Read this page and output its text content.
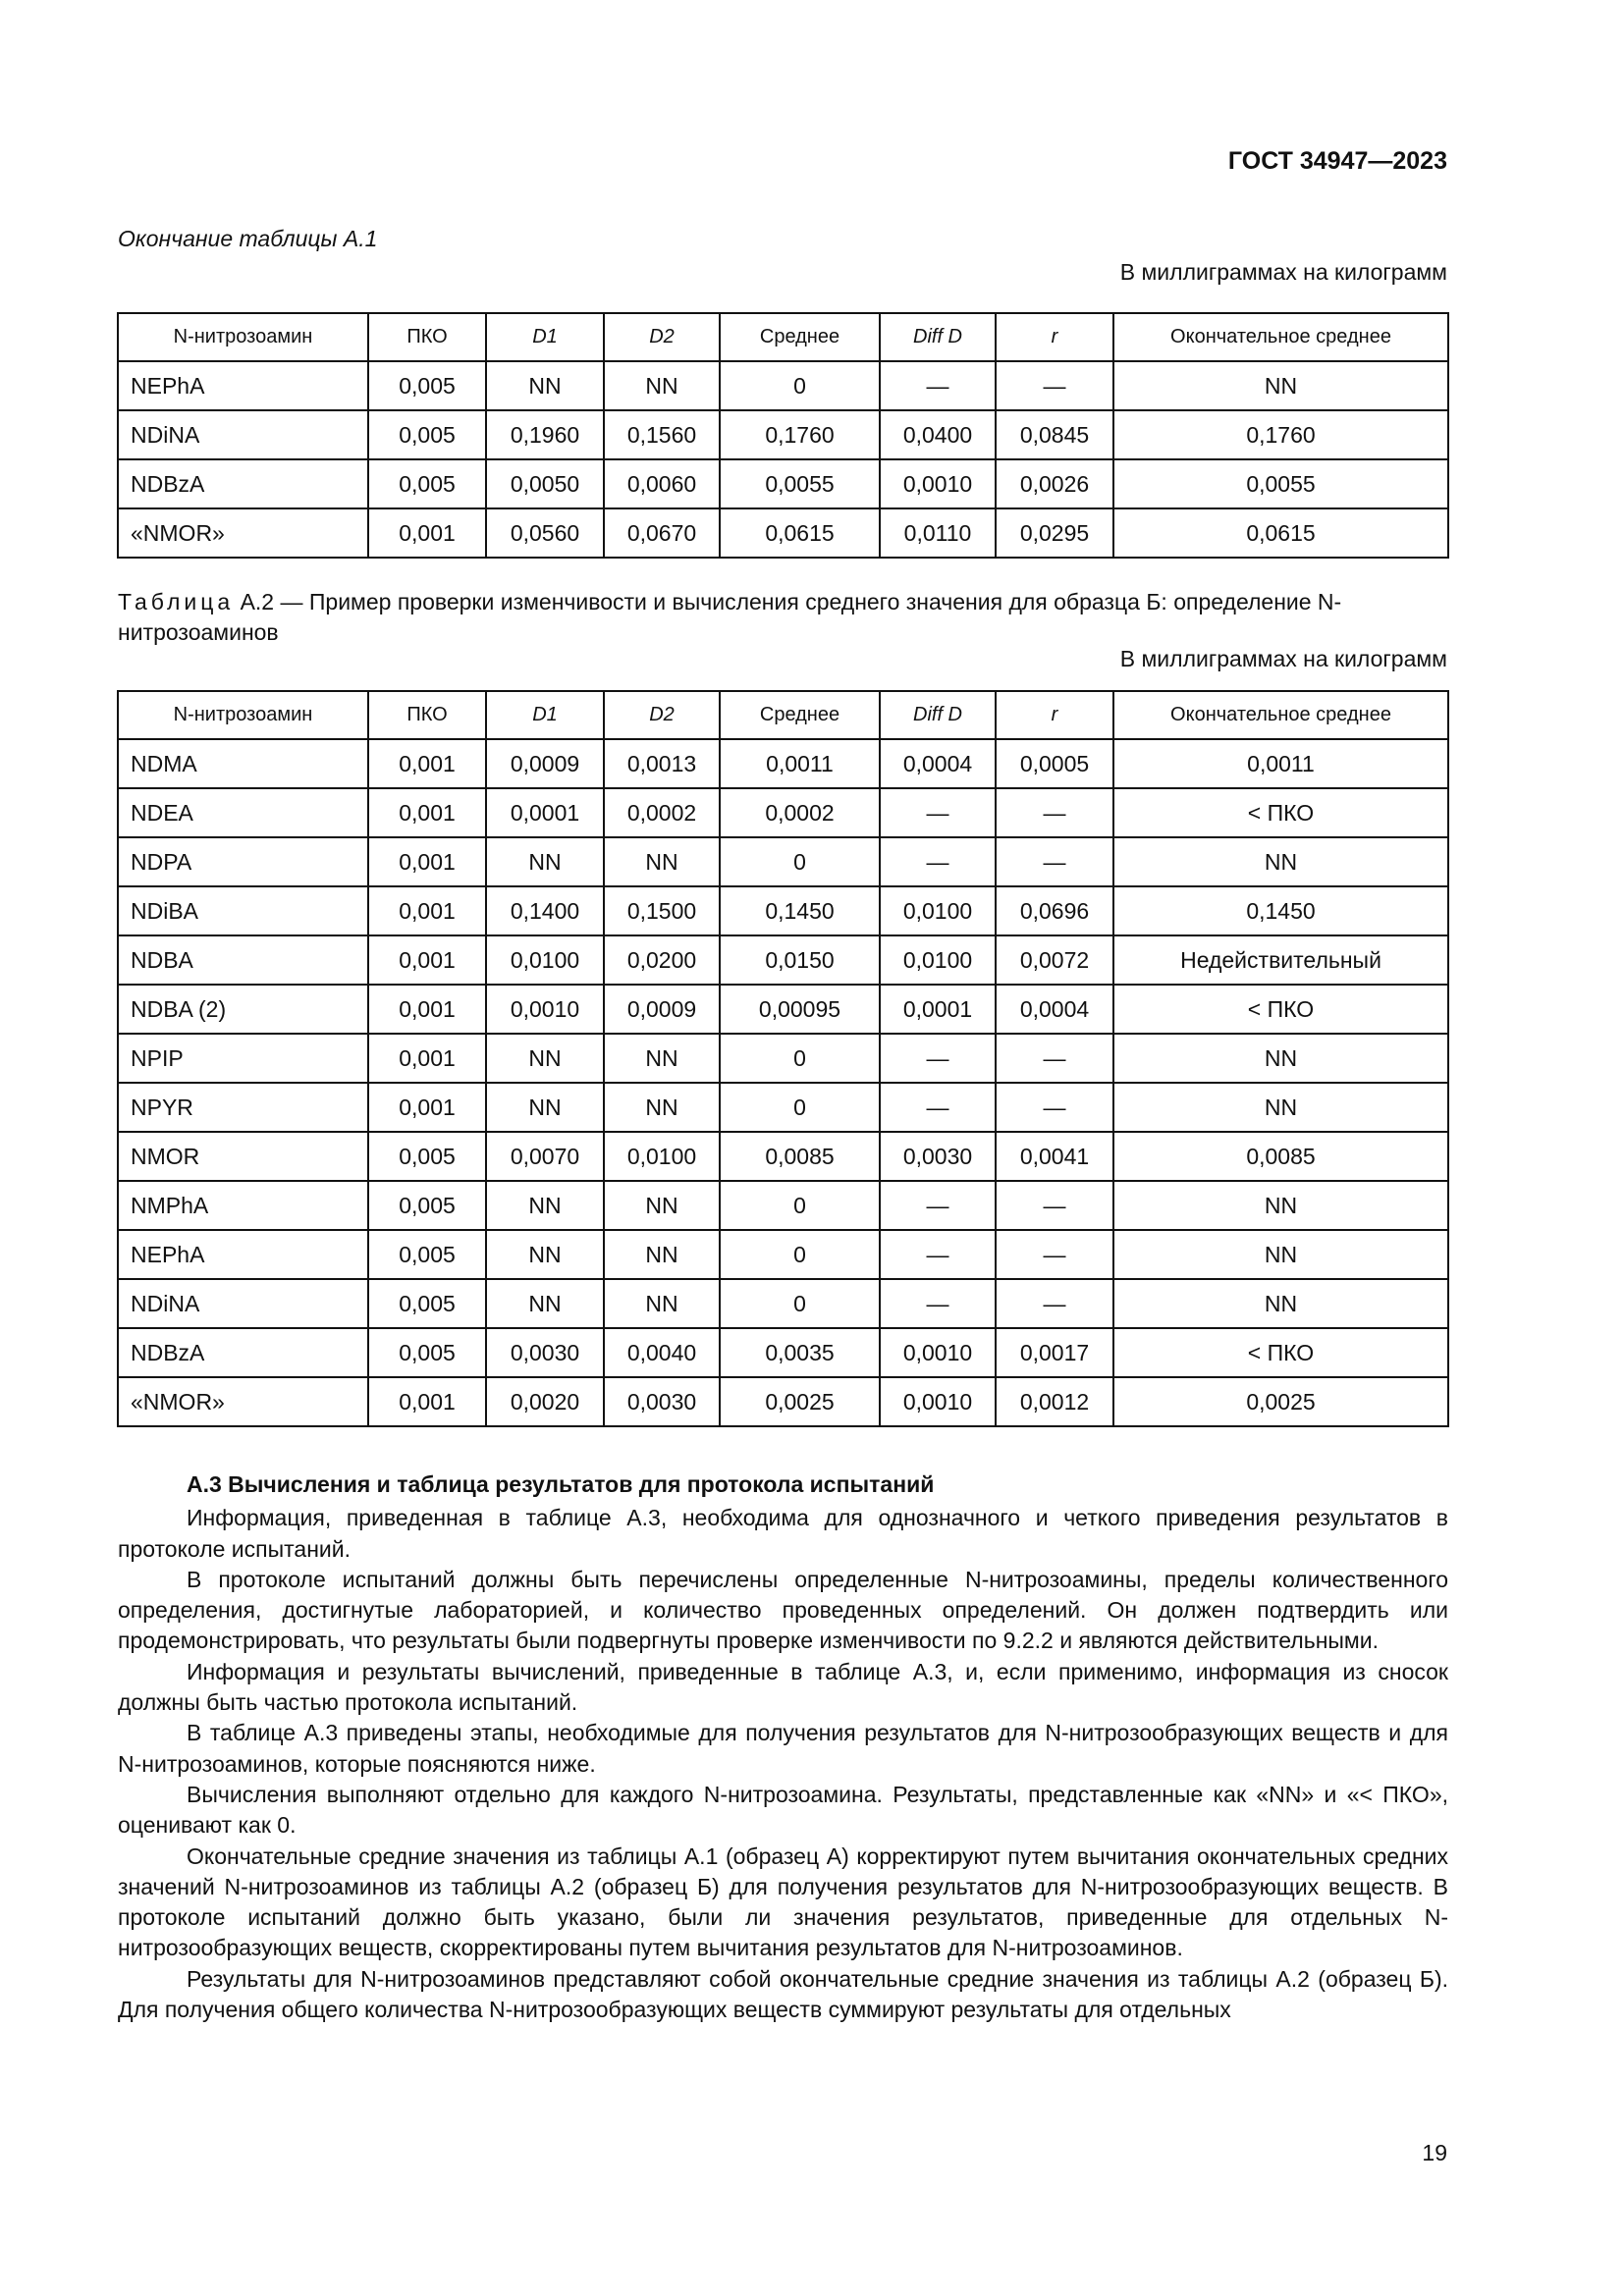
ГОСТ 34947—2023
Окончание таблицы А.1
В миллиграммах на килограмм
N-нитрозоамин	ПКО	D1	D2	Среднее	Diff D	r	Окончательное среднее
NEPhA	0,005	NN	NN	0	—	—	NN
NDiNA	0,005	0,1960	0,1560	0,1760	0,0400	0,0845	0,1760
NDBzA	0,005	0,0050	0,0060	0,0055	0,0010	0,0026	0,0055
«NMOR»	0,001	0,0560	0,0670	0,0615	0,0110	0,0295	0,0615
Таблица А.2 — Пример проверки изменчивости и вычисления среднего значения для образца Б: определение N-нитрозоаминов
В миллиграммах на килограмм
N-нитрозоамин	ПКО	D1	D2	Среднее	Diff D	r	Окончательное среднее
NDMA	0,001	0,0009	0,0013	0,0011	0,0004	0,0005	0,0011
NDEA	0,001	0,0001	0,0002	0,0002	—	—	< ПКО
NDPA	0,001	NN	NN	0	—	—	NN
NDiBA	0,001	0,1400	0,1500	0,1450	0,0100	0,0696	0,1450
NDBA	0,001	0,0100	0,0200	0,0150	0,0100	0,0072	Недействительный
NDBA (2)	0,001	0,0010	0,0009	0,00095	0,0001	0,0004	< ПКО
NPIP	0,001	NN	NN	0	—	—	NN
NPYR	0,001	NN	NN	0	—	—	NN
NMOR	0,005	0,0070	0,0100	0,0085	0,0030	0,0041	0,0085
NMPhA	0,005	NN	NN	0	—	—	NN
NEPhA	0,005	NN	NN	0	—	—	NN
NDiNA	0,005	NN	NN	0	—	—	NN
NDBzA	0,005	0,0030	0,0040	0,0035	0,0010	0,0017	< ПКО
«NMOR»	0,001	0,0020	0,0030	0,0025	0,0010	0,0012	0,0025
А.3 Вычисления и таблица результатов для протокола испытаний

Информация, приведенная в таблице А.3, необходима для однозначного и четкого приведения результатов в протоколе испытаний.

В протоколе испытаний должны быть перечислены определенные N-нитрозоамины, пределы количественного определения, достигнутые лабораторией, и количество проведенных определений. Он должен подтвердить или продемонстрировать, что результаты были подвергнуты проверке изменчивости по 9.2.2 и являются действительными.

Информация и результаты вычислений, приведенные в таблице А.3, и, если применимо, информация из сносок должны быть частью протокола испытаний.

В таблице А.3 приведены этапы, необходимые для получения результатов для N-нитрозообразующих веществ и для N-нитрозоаминов, которые поясняются ниже.

Вычисления выполняют отдельно для каждого N-нитрозоамина. Результаты, представленные как «NN» и «< ПКО», оценивают как 0.

Окончательные средние значения из таблицы А.1 (образец А) корректируют путем вычитания окончательных средних значений N-нитрозоаминов из таблицы А.2 (образец Б) для получения результатов для N-нитрозообразующих веществ. В протоколе испытаний должно быть указано, были ли значения результатов, приведенные для отдельных N-нитрозообразующих веществ, скорректированы путем вычитания результатов для N-нитрозоаминов.

Результаты для N-нитрозоаминов представляют собой окончательные средние значения из таблицы А.2 (образец Б). Для получения общего количества N-нитрозообразующих веществ суммируют результаты для отдельных

19
